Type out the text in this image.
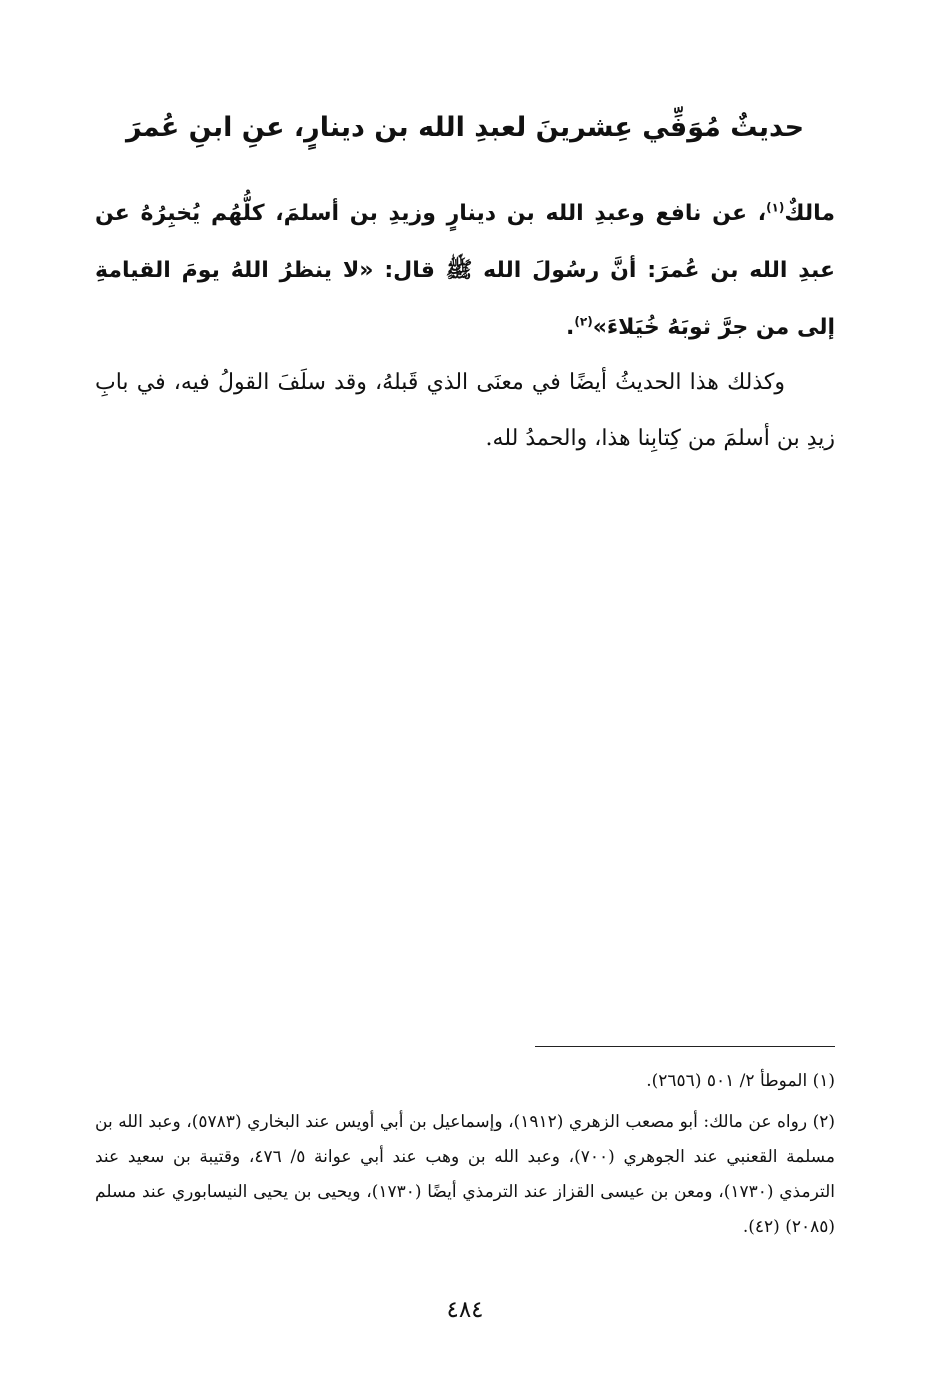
حديثٌ مُوَفِّي عِشرينَ لعبدِ الله بن دينارٍ، عنِ ابنِ عُمرَ

مالكٌ$^{(١)}$، عن نافع وعبدِ الله بن دينارٍ وزيدِ بن أسلمَ، كلُّهُم يُخبِرُهُ عن عبدِ الله بن عُمرَ: أنَّ رسُولَ الله ﷺ قال: «لا ينظرُ اللهُ يومَ القيامةِ إلى من جرَّ ثوبَهُ خُيَلاءَ»$^{(٢)}$.

وكذلك هذا الحديثُ أيضًا في معنَى الذي قَبلهُ، وقد سلَفَ القولُ فيه، في بابِ زيدِ بن أسلمَ من كِتابِنا هذا، والحمدُ لله.

(١) الموطأ ٢/ ٥٠١ (٢٦٥٦).

(٢) رواه عن مالك: أبو مصعب الزهري (١٩١٢)، وإسماعيل بن أبي أويس عند البخاري (٥٧٨٣)، وعبد الله بن مسلمة القعنبي عند الجوهري (٧٠٠)، وعبد الله بن وهب عند أبي عوانة ٥/ ٤٧٦، وقتيبة بن سعيد عند الترمذي (١٧٣٠)، ومعن بن عيسى القزاز عند الترمذي أيضًا (١٧٣٠)، ويحيى بن يحيى النيسابوري عند مسلم (٢٠٨٥) (٤٢).

٤٨٤
